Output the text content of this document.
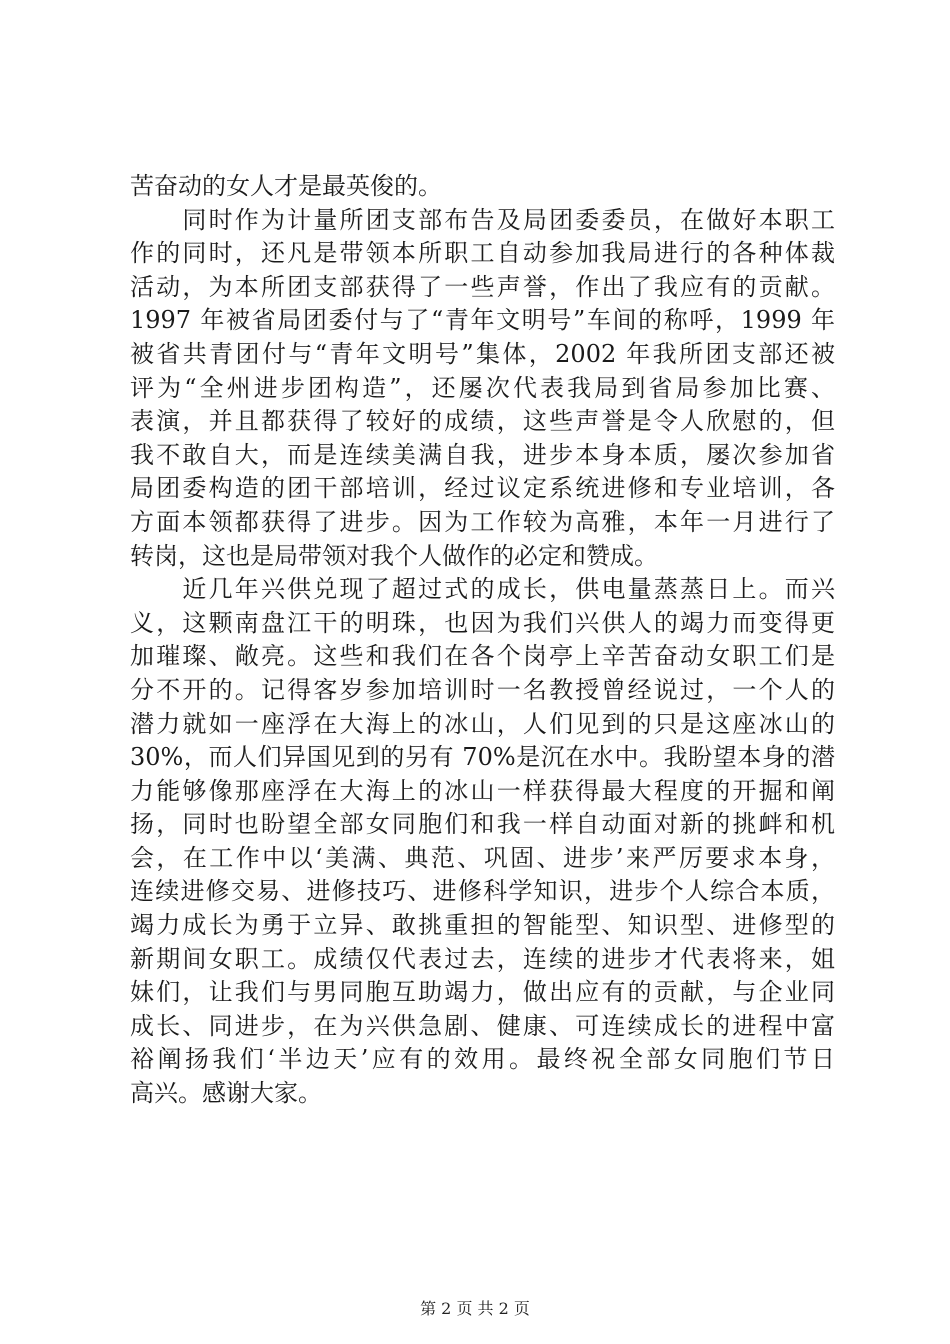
苦奋动的女人才是最英俊的。
　　同时作为计量所团支部布告及局团委委员，在做好本职工
作的同时，还凡是带领本所职工自动参加我局进行的各种体裁
活动，为本所团支部获得了一些声誉，作出了我应有的贡献。
1997 年被省局团委付与了“青年文明号”车间的称呼，1999 年
被省共青团付与“青年文明号”集体，2002 年我所团支部还被
评为“全州进步团构造”，还屡次代表我局到省局参加比赛、
表演，并且都获得了较好的成绩，这些声誉是令人欣慰的，但
我不敢自大，而是连续美满自我，进步本身本质，屡次参加省
局团委构造的团干部培训，经过议定系统进修和专业培训，各
方面本领都获得了进步。因为工作较为高雅，本年一月进行了
转岗，这也是局带领对我个人做作的必定和赞成。
　　近几年兴供兑现了超过式的成长，供电量蒸蒸日上。而兴
义，这颗南盘江干的明珠，也因为我们兴供人的竭力而变得更
加璀璨、敞亮。这些和我们在各个岗亭上辛苦奋动女职工们是
分不开的。记得客岁参加培训时一名教授曾经说过，一个人的
潜力就如一座浮在大海上的冰山，人们见到的只是这座冰山的
30%，而人们异国见到的另有 70%是沉在水中。我盼望本身的潜
力能够像那座浮在大海上的冰山一样获得最大程度的开掘和阐
扬，同时也盼望全部女同胞们和我一样自动面对新的挑衅和机
会，在工作中以‘美满、典范、巩固、进步’来严厉要求本身，
连续进修交易、进修技巧、进修科学知识，进步个人综合本质，
竭力成长为勇于立异、敢挑重担的智能型、知识型、进修型的
新期间女职工。成绩仅代表过去，连续的进步才代表将来，姐
妹们，让我们与男同胞互助竭力，做出应有的贡献，与企业同
成长、同进步，在为兴供急剧、健康、可连续成长的进程中富
裕阐扬我们‘半边天’应有的效用。最终祝全部女同胞们节日
高兴。感谢大家。
第 2 页 共 2 页
